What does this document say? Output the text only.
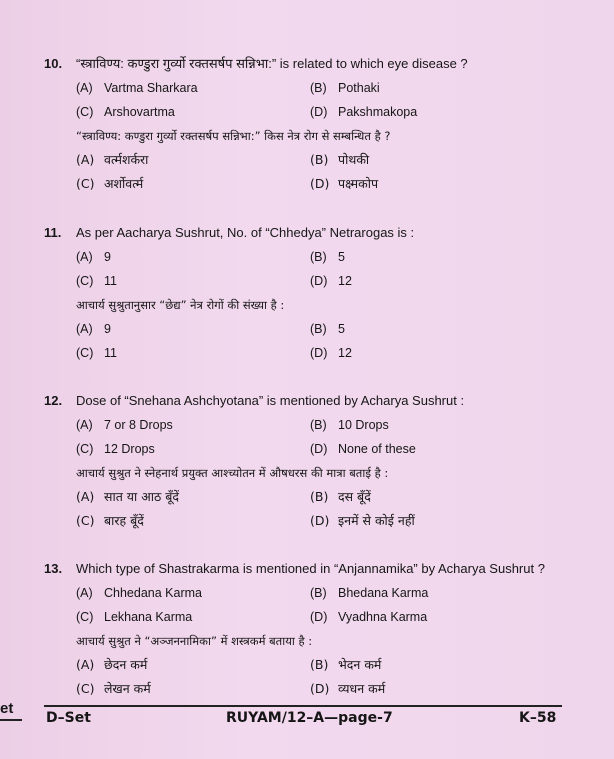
10. “स्त्राविण्य: कण्डुरा गुर्व्यो रक्तसर्षप सन्निभा:” is related to which eye disease ?
(A) Vartma Sharkara	(B) Pothaki
(C) Arshovartma	(D) Pakshmakopa
“स्त्राविण्य: कण्डुरा गुर्व्यो रक्तसर्षप सन्निभा:” किस नेत्र रोग से सम्बन्धित है ?
(A) वर्त्मशर्करा	(B) पोथकी
(C) अर्शोवर्त्म	(D) पक्ष्मकोप
11. As per Aacharya Sushrut, No. of “Chhedya” Netrarogas is :
(A) 9	(B) 5
(C) 11	(D) 12
आचार्य सुश्रुतानुसार “छेद्य” नेत्र रोगों की संख्या है :
(A) 9	(B) 5
(C) 11	(D) 12
12. Dose of “Snehana Ashchyotana” is mentioned by Acharya Sushrut :
(A) 7 or 8 Drops	(B) 10 Drops
(C) 12 Drops	(D) None of these
आचार्य सुश्रुत ने स्नेहनार्थ प्रयुक्त आश्च्योतन में औषधरस की मात्रा बताई है :
(A) सात या आठ बूँदें	(B) दस बूँदें
(C) बारह बूँदें	(D) इनमें से कोई नहीं
13. Which type of Shastrakarma is mentioned in “Anjannamika” by Acharya Sushrut ?
(A) Chhedana Karma	(B) Bhedana Karma
(C) Lekhana Karma	(D) Vyadhna Karma
आचार्य सुश्रुत ने “अञ्जननामिका” में शस्त्रकर्म बताया है :
(A) छेदन कर्म	(B) भेदन कर्म
(C) लेखन कर्म	(D) व्यधन कर्म
et
D–Set	RUYAM/12–A—page-7	K–58
